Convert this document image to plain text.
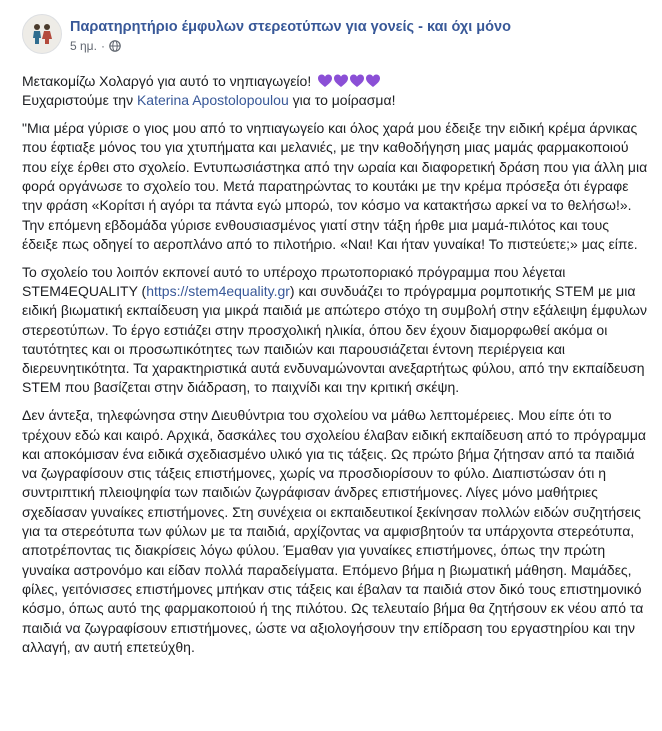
Παρατηρητήριο έμφυλων στερεοτύπων για γονείς - και όχι μόνο
5 ημ. ·

Μετακομίζω Χολαργό για αυτό το νηπιαγωγείο!

Ευχαριστούμε την Katerina Apostolopoulou για το μοίρασμα!

"Μια μέρα γύρισε ο γιος μου από το νηπιαγωγείο και όλος χαρά μου έδειξε την ειδική κρέμα άρνικας που έφτιαξε μόνος του για χτυπήματα και μελανιές, με την καθοδήγηση μιας μαμάς φαρμακοποιού που είχε έρθει στο σχολείο. Εντυπωσιάστηκα από την ωραία και διαφορετική δράση που για άλλη μια φορά οργάνωσε το σχολείο του. Μετά παρατηρώντας το κουτάκι με την κρέμα πρόσεξα ότι έγραφε την φράση «Κορίτσι ή αγόρι τα πάντα εγώ μπορώ, τον κόσμο να κατακτήσω αρκεί να το θελήσω!». Την επόμενη εβδομάδα γύρισε ενθουσιασμένος γιατί στην τάξη ήρθε μια μαμά-πιλότος και τους έδειξε πως οδηγεί το αεροπλάνο από το πιλοτήριο. «Ναι! Και ήταν γυναίκα! Το πιστεύετε;» μας είπε.

Το σχολείο του λοιπόν εκπονεί αυτό το υπέροχο πρωτοποριακό πρόγραμμα που λέγεται STEM4EQUALITY (https://stem4equality.gr) και συνδυάζει το πρόγραμμα ρομποτικής STEM με μια ειδική βιωματική εκπαίδευση για μικρά παιδιά με απώτερο στόχο τη συμβολή στην εξάλειψη έμφυλων στερεοτύπων. Το έργο εστιάζει στην προσχολική ηλικία, όπου δεν έχουν διαμορφωθεί ακόμα οι ταυτότητες και οι προσωπικότητες των παιδιών και παρουσιάζεται έντονη περιέργεια και διερευνητικότητα. Τα χαρακτηριστικά αυτά ενδυναμώνονται ανεξαρτήτως φύλου, από την εκπαίδευση STEM που βασίζεται στην διάδραση, το παιχνίδι και την κριτική σκέψη.

Δεν άντεξα, τηλεφώνησα στην Διευθύντρια του σχολείου να μάθω λεπτομέρειες. Μου είπε ότι το τρέχουν εδώ και καιρό. Αρχικά, δασκάλες του σχολείου έλαβαν ειδική εκπαίδευση από το πρόγραμμα και αποκόμισαν ένα ειδικά σχεδιασμένο υλικό για τις τάξεις. Ως πρώτο βήμα ζήτησαν από τα παιδιά να ζωγραφίσουν στις τάξεις επιστήμονες, χωρίς να προσδιορίσουν το φύλο. Διαπιστώσαν ότι η συντριπτική πλειοψηφία των παιδιών ζωγράφισαν άνδρες επιστήμονες. Λίγες μόνο μαθήτριες σχεδίασαν γυναίκες επιστήμονες. Στη συνέχεια οι εκπαιδευτικοί ξεκίνησαν πολλών ειδών συζητήσεις για τα στερεότυπα των φύλων με τα παιδιά, αρχίζοντας να αμφισβητούν τα υπάρχοντα στερεότυπα, αποτρέποντας τις διακρίσεις λόγω φύλου. Έμαθαν για γυναίκες επιστήμονες, όπως την πρώτη γυναίκα αστρονόμο και είδαν πολλά παραδείγματα. Επόμενο βήμα η βιωματική μάθηση. Μαμάδες, φίλες, γειτόνισσες επιστήμονες μπήκαν στις τάξεις και έβαλαν τα παιδιά στον δικό τους επιστημονικό κόσμο, όπως αυτό της φαρμακοποιού ή της πιλότου. Ως τελευταίο βήμα θα ζητήσουν εκ νέου από τα παιδιά να ζωγραφίσουν επιστήμονες, ώστε να αξιολογήσουν την επίδραση του εργαστηρίου και την αλλαγή, αν αυτή επετεύχθη.
